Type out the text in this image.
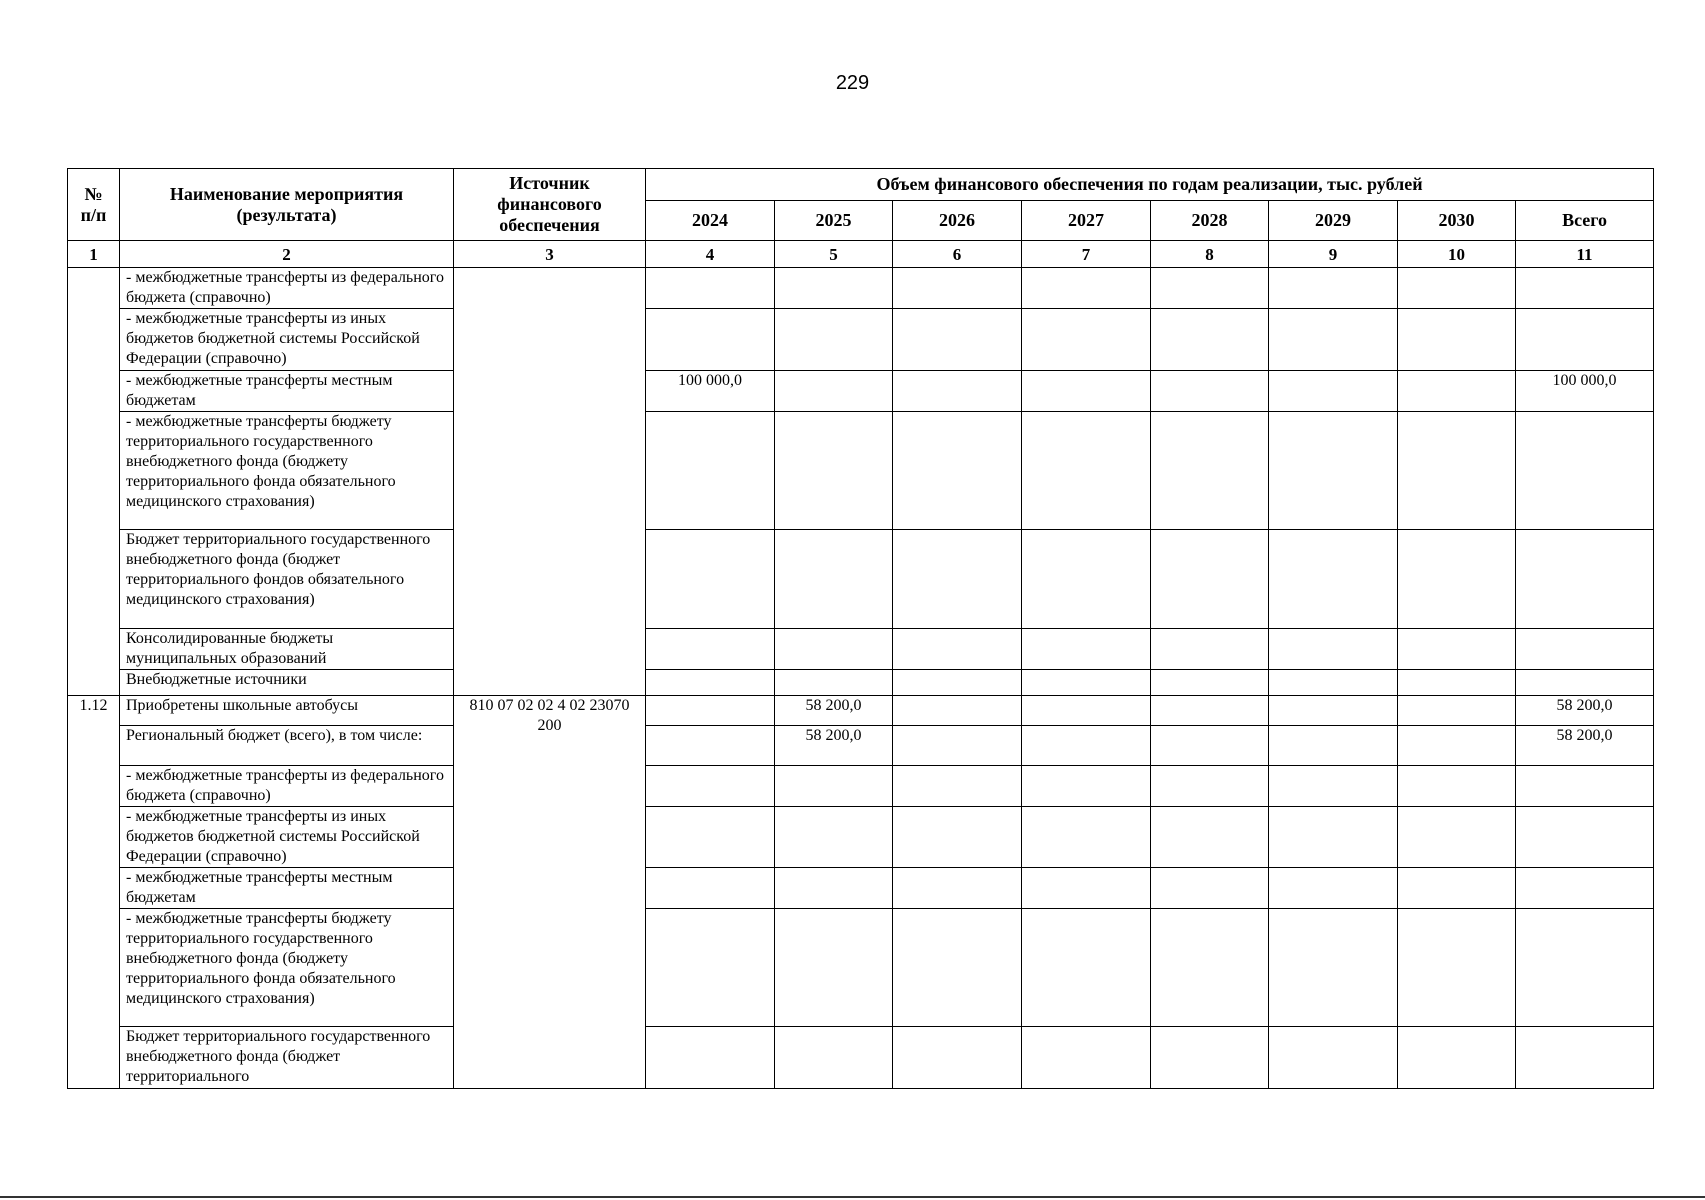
229
№
п/п	Наименование мероприятия (результата)	Источник финансового обеспечения	Объем финансового обеспечения по годам реализации, тыс. рублей							
			2024	2025	2026	2027	2028	2029	2030	Всего
1	2	3	4	5	6	7	8	9	10	11
	- межбюджетные трансферты из федерального бюджета (справочно)									
	- межбюджетные трансферты из иных бюджетов бюджетной системы Российской Федерации (справочно)									
	- межбюджетные трансферты местным бюджетам		100 000,0							100 000,0
	- межбюджетные трансферты бюджету территориального государственного внебюджетного фонда (бюджету территориального фонда обязательного медицинского страхования)									
	Бюджет территориального государственного внебюджетного фонда (бюджет территориального фондов обязательного медицинского страхования)									
	Консолидированные бюджеты муниципальных образований									
	Внебюджетные источники									
1.12	Приобретены школьные автобусы	810 07 02 02 4 02 23070 200		58 200,0						58 200,0
	Региональный бюджет (всего), в том числе:			58 200,0						58 200,0
	- межбюджетные трансферты из федерального бюджета (справочно)									
	- межбюджетные трансферты из иных бюджетов бюджетной системы Российской Федерации (справочно)									
	- межбюджетные трансферты местным бюджетам									
	- межбюджетные трансферты бюджету территориального государственного внебюджетного фонда (бюджету территориального фонда обязательного медицинского страхования)									
	Бюджет территориального государственного внебюджетного фонда (бюджет территориального									
